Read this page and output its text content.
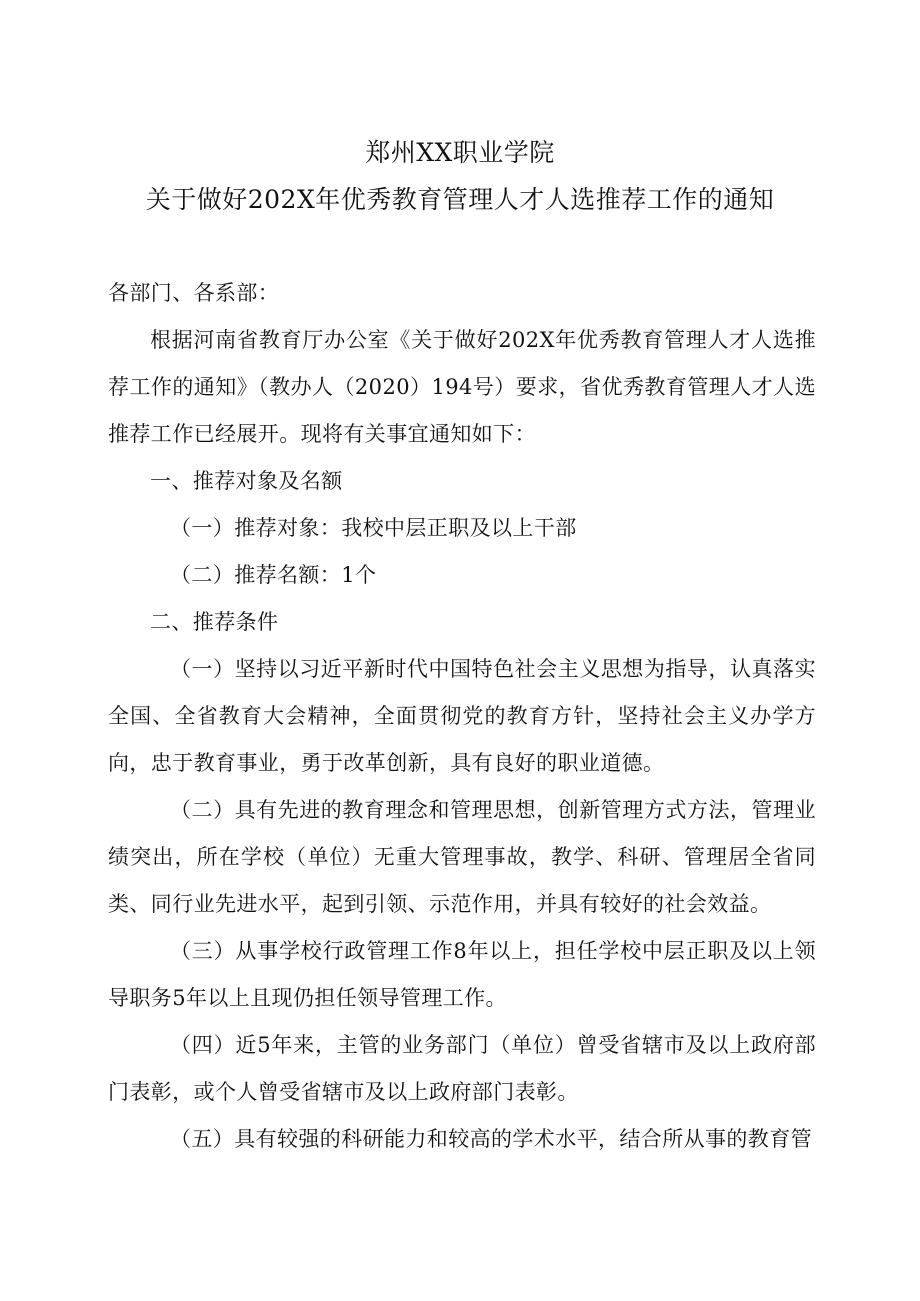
郑州XX职业学院
关于做好202X年优秀教育管理人才人选推荐工作的通知

各部门、各系部：

根据河南省教育厅办公室《关于做好202X年优秀教育管理人才人选推荐工作的通知》（教办人（2020）194号）要求，省优秀教育管理人才人选推荐工作已经展开。现将有关事宜通知如下：

一、推荐对象及名额

（一）推荐对象：我校中层正职及以上干部

（二）推荐名额：1个

二、推荐条件

（一）坚持以习近平新时代中国特色社会主义思想为指导，认真落实全国、全省教育大会精神，全面贯彻党的教育方针，坚持社会主义办学方向，忠于教育事业，勇于改革创新，具有良好的职业道德。

（二）具有先进的教育理念和管理思想，创新管理方式方法，管理业绩突出，所在学校（单位）无重大管理事故，教学、科研、管理居全省同类、同行业先进水平，起到引领、示范作用，并具有较好的社会效益。

（三）从事学校行政管理工作8年以上，担任学校中层正职及以上领导职务5年以上且现仍担任领导管理工作。

（四）近5年来，主管的业务部门（单位）曾受省辖市及以上政府部门表彰，或个人曾受省辖市及以上政府部门表彰。

（五）具有较强的科研能力和较高的学术水平，结合所从事的教育管
